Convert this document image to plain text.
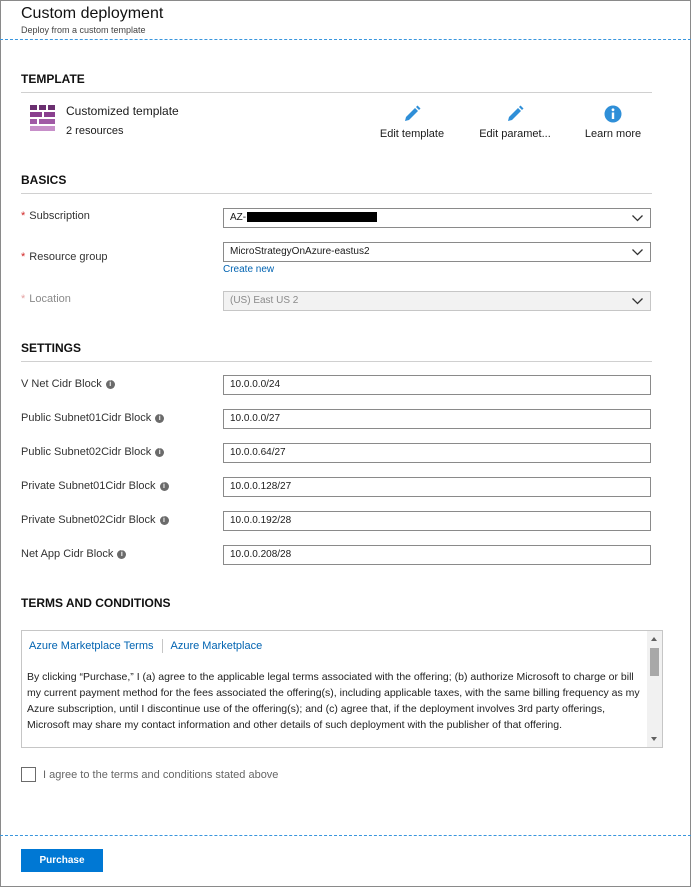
Custom deployment
Deploy from a custom template
TEMPLATE
Customized template
2 resources	Edit template	Edit paramet...	Learn more
BASICS
* Subscription	AZ-
* Resource group	MicroStrategyOnAzure-eastus2
Create new
* Location	(US) East US 2
SETTINGS
V Net Cidr Block i	10.0.0.0/24
Public Subnet01Cidr Block i	10.0.0.0/27
Public Subnet02Cidr Block i	10.0.0.64/27
Private Subnet01Cidr Block i	10.0.0.128/27
Private Subnet02Cidr Block i	10.0.0.192/28
Net App Cidr Block i	10.0.0.208/28
TERMS AND CONDITIONS
Azure Marketplace Terms Azure Marketplace
By clicking “Purchase,” I (a) agree to the applicable legal terms associated with the offering; (b) authorize Microsoft to charge or bill my current payment method for the fees associated the offering(s), including applicable taxes, with the same billing frequency as my Azure subscription, until I discontinue use of the offering(s); and (c) agree that, if the deployment involves 3rd party offerings, Microsoft may share my contact information and other details of such deployment with the publisher of that offering.
I agree to the terms and conditions stated above
Purchase
